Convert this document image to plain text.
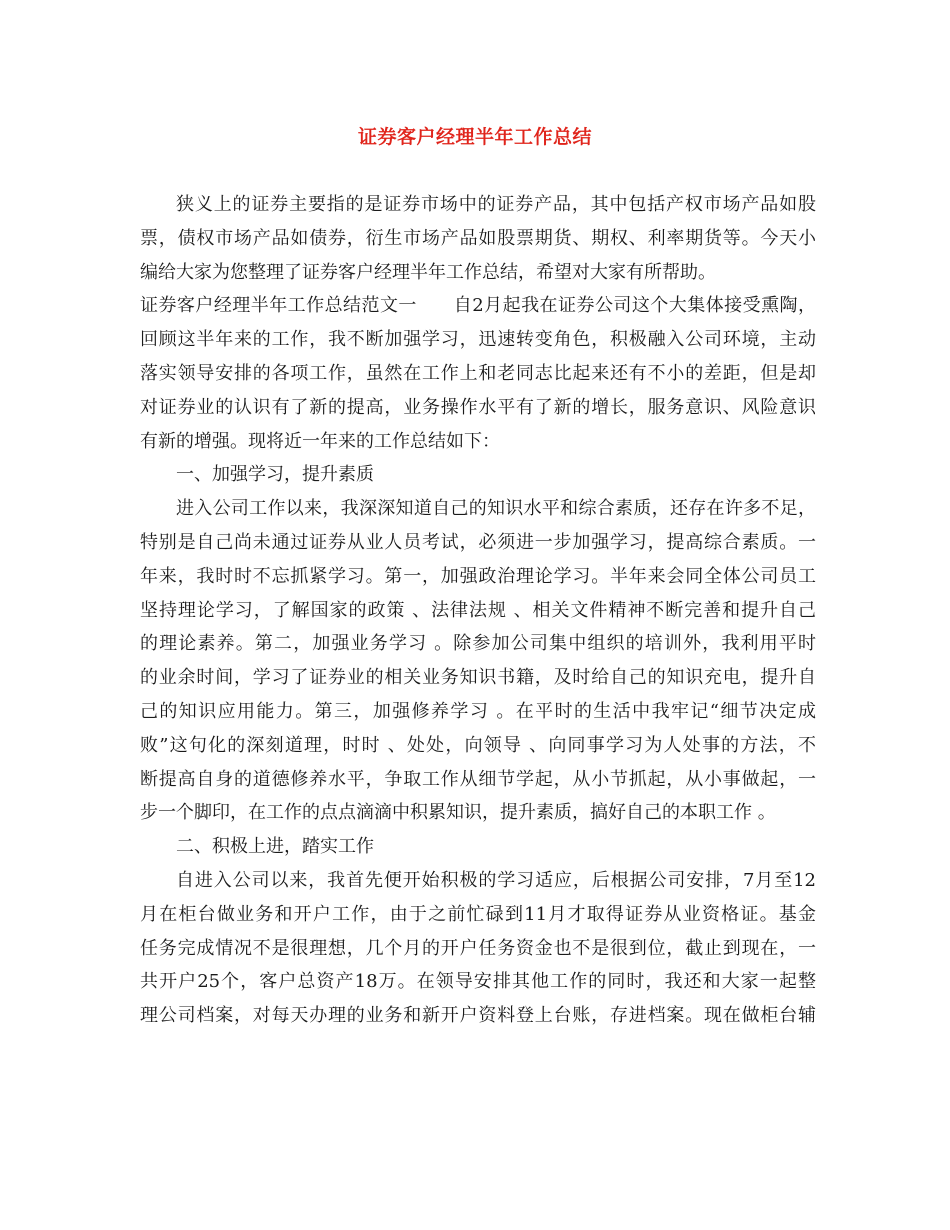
证券客户经理半年工作总结
狭义上的证券主要指的是证券市场中的证券产品，其中包括产权市场产品如股
票，债权市场产品如债券，衍生市场产品如股票期货、期权、利率期货等。今天小
编给大家为您整理了证券客户经理半年工作总结，希望对大家有所帮助。
证券客户经理半年工作总结范文一　　自2月起我在证券公司这个大集体接受熏陶，
回顾这半年来的工作，我不断加强学习，迅速转变角色，积极融入公司环境，主动
落实领导安排的各项工作，虽然在工作上和老同志比起来还有不小的差距，但是却
对证券业的认识有了新的提高，业务操作水平有了新的增长，服务意识、风险意识
有新的增强。现将近一年来的工作总结如下：
一、加强学习，提升素质
进入公司工作以来，我深深知道自己的知识水平和综合素质，还存在许多不足，
特别是自己尚未通过证券从业人员考试，必须进一步加强学习，提高综合素质。一
年来，我时时不忘抓紧学习。第一，加强政治理论学习。半年来会同全体公司员工
坚持理论学习，了解国家的政策 、法律法规 、相关文件精神不断完善和提升自己
的理论素养。第二，加强业务学习 。除参加公司集中组织的培训外，我利用平时
的业余时间，学习了证券业的相关业务知识书籍，及时给自己的知识充电，提升自
己的知识应用能力。第三，加强修养学习 。在平时的生活中我牢记“细节决定成
败”这句化的深刻道理，时时 、处处，向领导 、向同事学习为人处事的方法，不
断提高自身的道德修养水平，争取工作从细节学起，从小节抓起，从小事做起，一
步一个脚印，在工作的点点滴滴中积累知识，提升素质，搞好自己的本职工作 。
二、积极上进，踏实工作
自进入公司以来，我首先便开始积极的学习适应，后根据公司安排，7月至12
月在柜台做业务和开户工作，由于之前忙碌到11月才取得证券从业资格证。基金
任务完成情况不是很理想，几个月的开户任务资金也不是很到位，截止到现在，一
共开户25个，客户总资产18万。在领导安排其他工作的同时，我还和大家一起整
理公司档案，对每天办理的业务和新开户资料登上台账，存进档案。现在做柜台辅
